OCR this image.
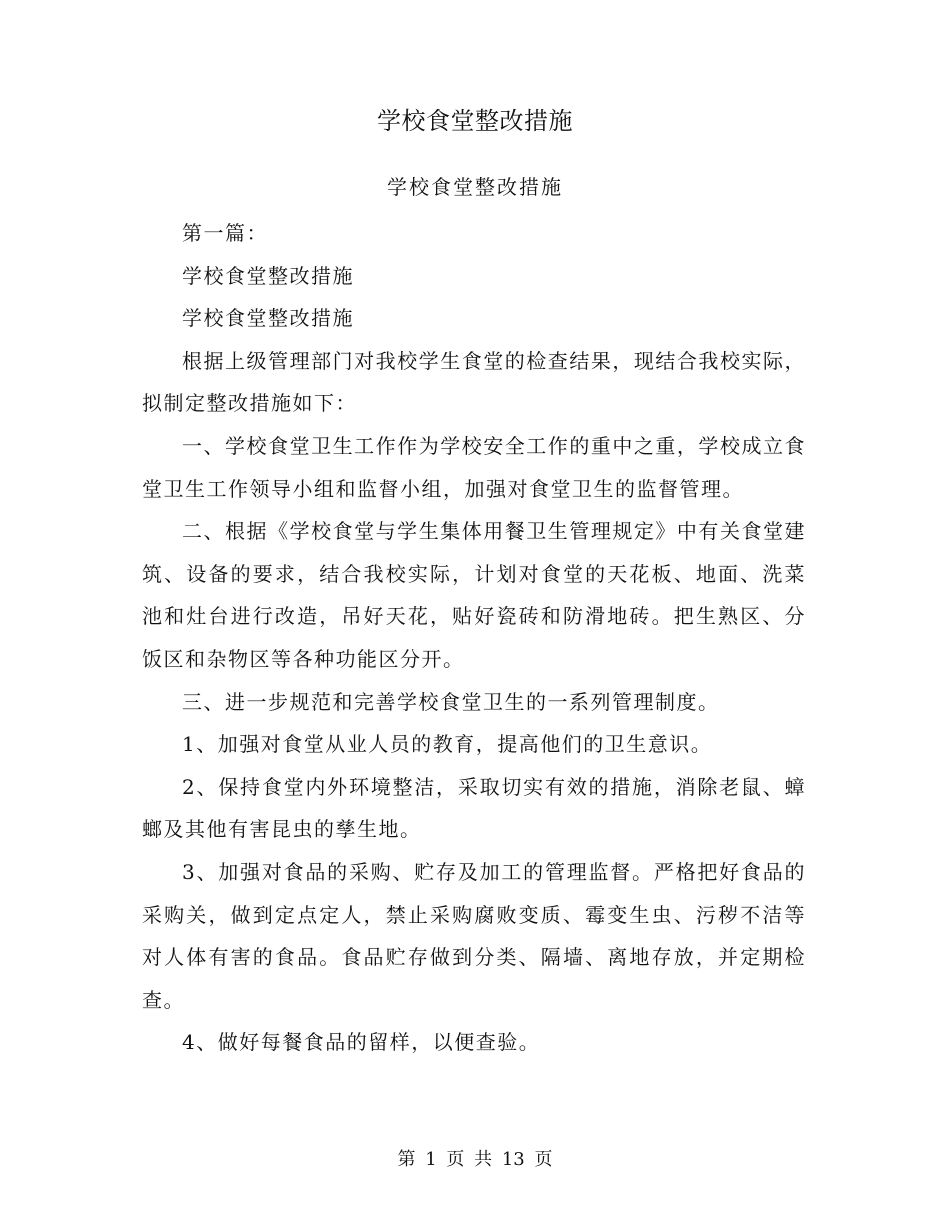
学校食堂整改措施
学校食堂整改措施

第一篇：

学校食堂整改措施

学校食堂整改措施

根据上级管理部门对我校学生食堂的检查结果，现结合我校实际，拟制定整改措施如下：

一、学校食堂卫生工作作为学校安全工作的重中之重，学校成立食堂卫生工作领导小组和监督小组，加强对食堂卫生的监督管理。

二、根据《学校食堂与学生集体用餐卫生管理规定》中有关食堂建筑、设备的要求，结合我校实际，计划对食堂的天花板、地面、洗菜池和灶台进行改造，吊好天花，贴好瓷砖和防滑地砖。把生熟区、分饭区和杂物区等各种功能区分开。

三、进一步规范和完善学校食堂卫生的一系列管理制度。

1、加强对食堂从业人员的教育，提高他们的卫生意识。

2、保持食堂内外环境整洁，采取切实有效的措施，消除老鼠、蟑螂及其他有害昆虫的孳生地。

3、加强对食品的采购、贮存及加工的管理监督。严格把好食品的采购关，做到定点定人，禁止采购腐败变质、霉变生虫、污秽不洁等对人体有害的食品。食品贮存做到分类、隔墙、离地存放，并定期检查。

4、做好每餐食品的留样，以便查验。

第 1 页 共 13 页
